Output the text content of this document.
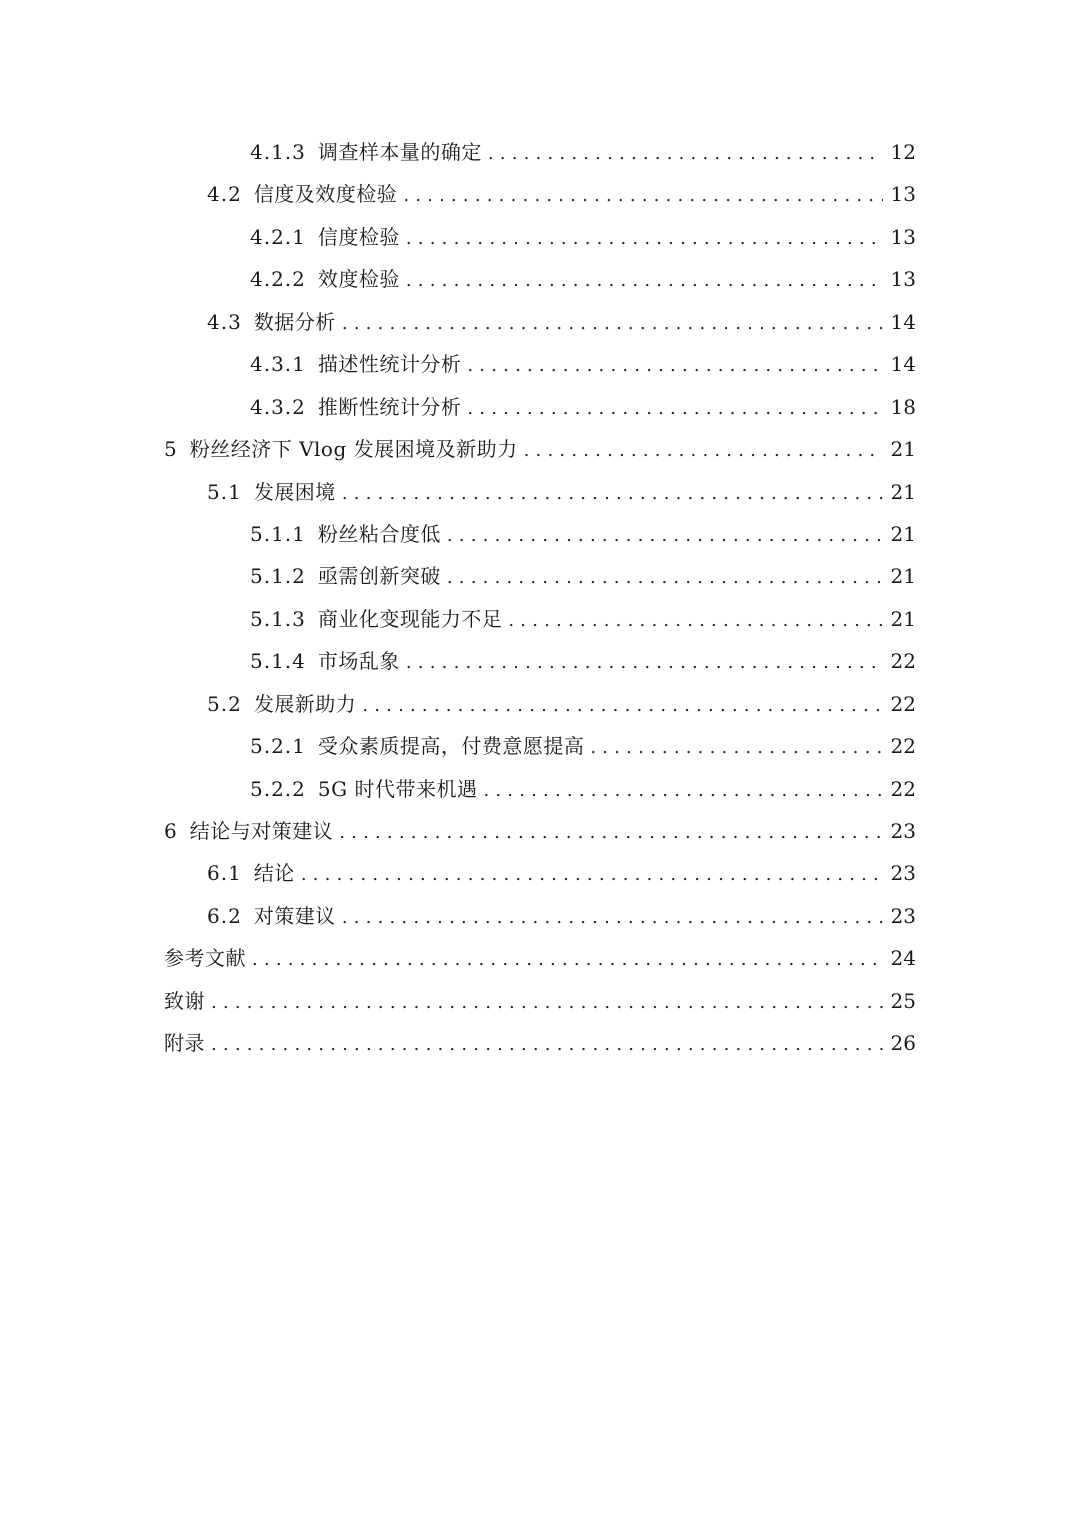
4.1.3 调查样本量的确定 .....	12
4.2 信度及效度检验 .....	13
4.2.1 信度检验 .....	13
4.2.2 效度检验 .....	13
4.3 数据分析 .....	14
4.3.1 描述性统计分析 .....	14
4.3.2 推断性统计分析 .....	18
5 粉丝经济下 Vlog 发展困境及新助力 .....	21
5.1 发展困境 .....	21
5.1.1 粉丝粘合度低 .....	21
5.1.2 亟需创新突破 .....	21
5.1.3 商业化变现能力不足 .....	21
5.1.4 市场乱象 .....	22
5.2 发展新助力 .....	22
5.2.1 受众素质提高，付费意愿提高 .....	22
5.2.2 5G 时代带来机遇 .....	22
6 结论与对策建议 .....	23
6.1 结论 .....	23
6.2 对策建议 .....	23
参考文献 .....	24
致谢 .....	25
附录 .....	26
